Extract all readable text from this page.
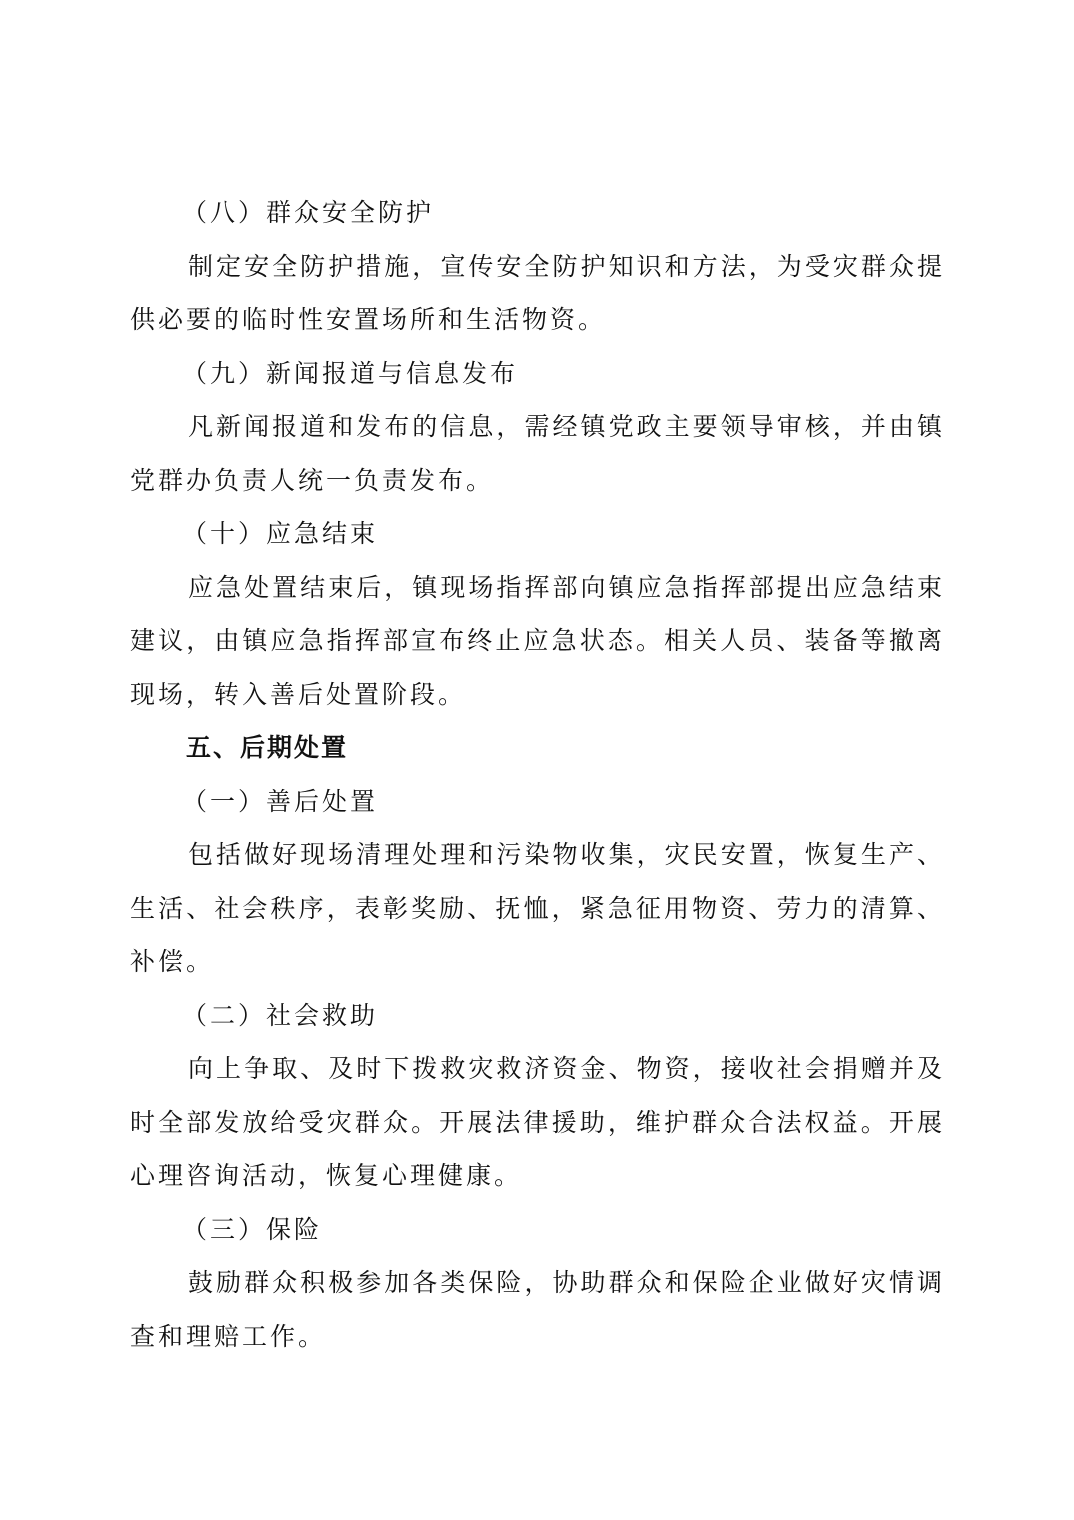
（八）群众安全防护

制定安全防护措施，宣传安全防护知识和方法，为受灾群众提供必要的临时性安置场所和生活物资。

（九）新闻报道与信息发布

凡新闻报道和发布的信息，需经镇党政主要领导审核，并由镇党群办负责人统一负责发布。

（十）应急结束

应急处置结束后，镇现场指挥部向镇应急指挥部提出应急结束建议，由镇应急指挥部宣布终止应急状态。相关人员、装备等撤离现场，转入善后处置阶段。

五、后期处置

（一）善后处置

包括做好现场清理处理和污染物收集，灾民安置，恢复生产、生活、社会秩序，表彰奖励、抚恤，紧急征用物资、劳力的清算、补偿。

（二）社会救助

向上争取、及时下拨救灾救济资金、物资，接收社会捐赠并及时全部发放给受灾群众。开展法律援助，维护群众合法权益。开展心理咨询活动，恢复心理健康。

（三）保险

鼓励群众积极参加各类保险，协助群众和保险企业做好灾情调查和理赔工作。
